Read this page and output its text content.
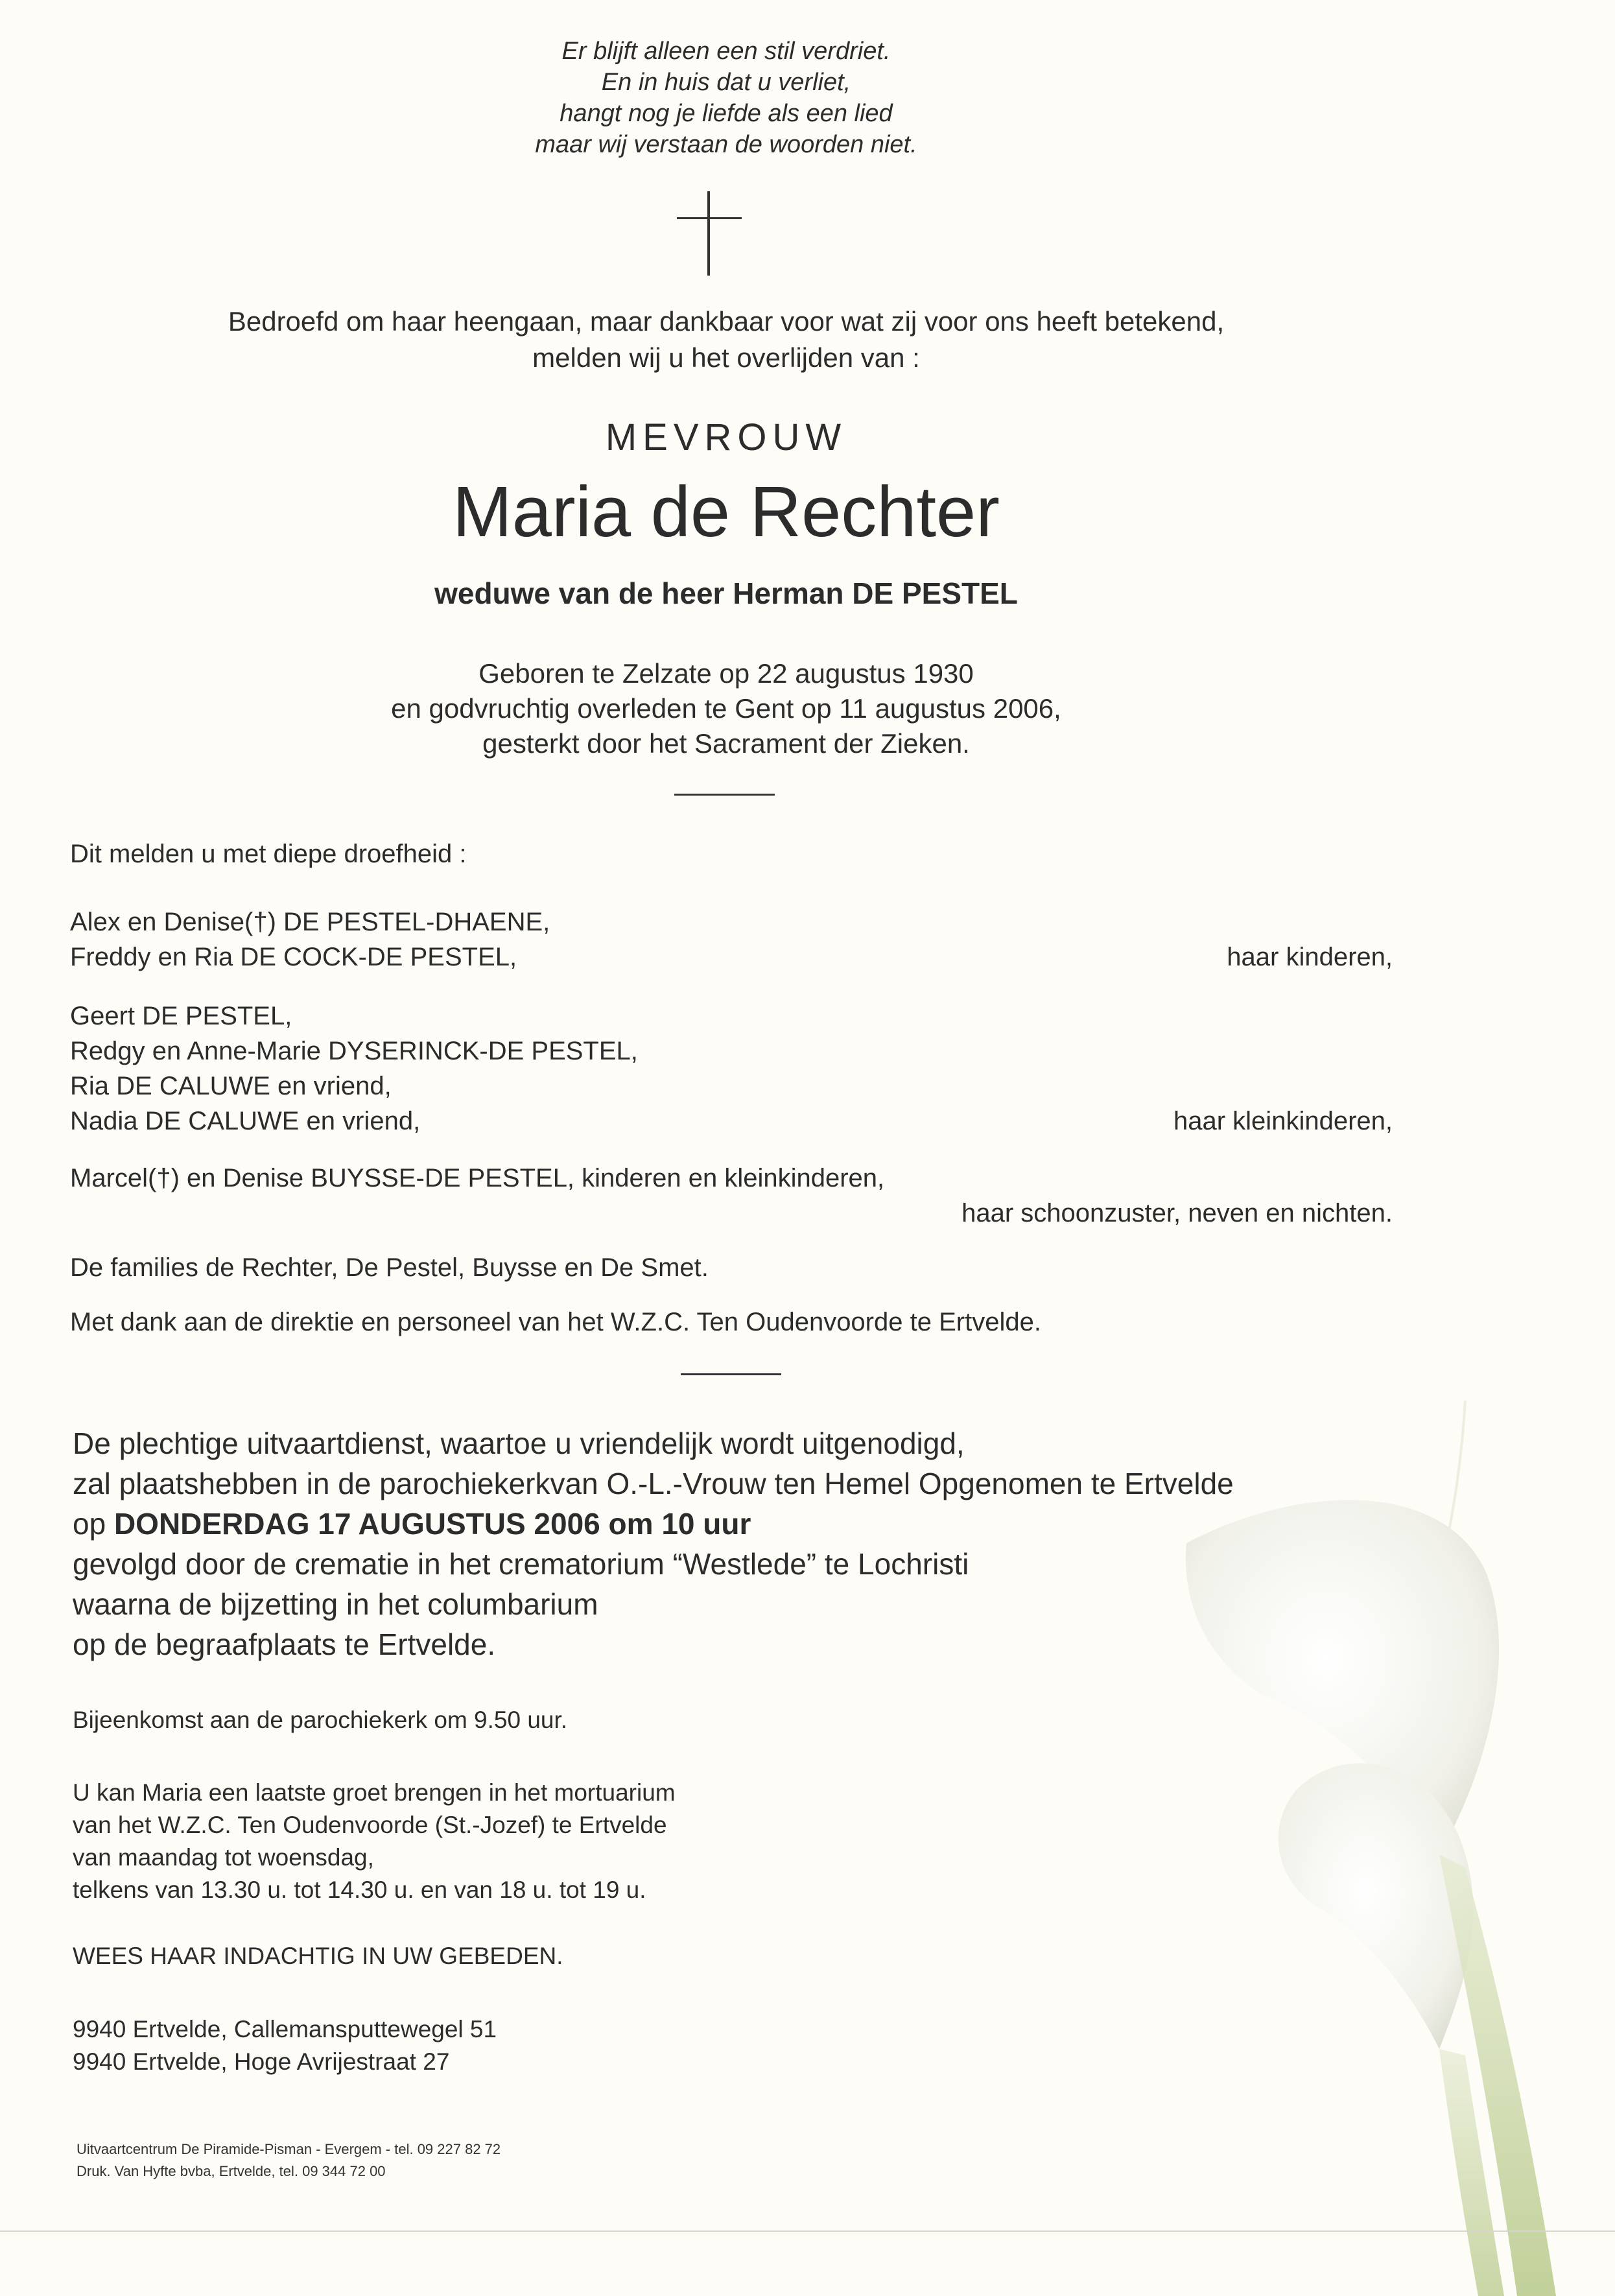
Er blijft alleen een stil verdriet.
En in huis dat u verliet,
hangt nog je liefde als een lied
maar wij verstaan de woorden niet.
Bedroefd om haar heengaan, maar dankbaar voor wat zij voor ons heeft betekend,
melden wij u het overlijden van :
MEVROUW
Maria de Rechter
weduwe van de heer Herman DE PESTEL
Geboren te Zelzate op 22 augustus 1930
en godvruchtig overleden te Gent op 11 augustus 2006,
gesterkt door het Sacrament der Zieken.
Dit melden u met diepe droefheid :
Alex en Denise(†) DE PESTEL-DHAENE,
Freddy en Ria DE COCK-DE PESTEL,	haar kinderen,
Geert DE PESTEL,
Redgy en Anne-Marie DYSERINCK-DE PESTEL,
Ria DE CALUWE en vriend,
Nadia DE CALUWE en vriend,	haar kleinkinderen,
Marcel(†) en Denise BUYSSE-DE PESTEL, kinderen en kleinkinderen,
haar schoonzuster, neven en nichten.
De families de Rechter, De Pestel, Buysse en De Smet.
Met dank aan de direktie en personeel van het W.Z.C. Ten Oudenvoorde te Ertvelde.
De plechtige uitvaartdienst, waartoe u vriendelijk wordt uitgenodigd,
zal plaatshebben in de parochiekerkvan O.-L.-Vrouw ten Hemel Opgenomen te Ertvelde
op DONDERDAG 17 AUGUSTUS 2006 om 10 uur
gevolgd door de crematie in het crematorium “Westlede” te Lochristi
waarna de bijzetting in het columbarium
op de begraafplaats te Ertvelde.
Bijeenkomst aan de parochiekerk om 9.50 uur.
U kan Maria een laatste groet brengen in het mortuarium
van het W.Z.C. Ten Oudenvoorde (St.-Jozef) te Ertvelde
van maandag tot woensdag,
telkens van 13.30 u. tot 14.30 u. en van 18 u. tot 19 u.
WEES HAAR INDACHTIG IN UW GEBEDEN.
9940 Ertvelde, Callemansputtewegel 51
9940 Ertvelde, Hoge Avrijestraat 27
Uitvaartcentrum De Piramide-Pisman - Evergem - tel. 09 227 82 72
Druk. Van Hyfte bvba, Ertvelde, tel. 09 344 72 00
